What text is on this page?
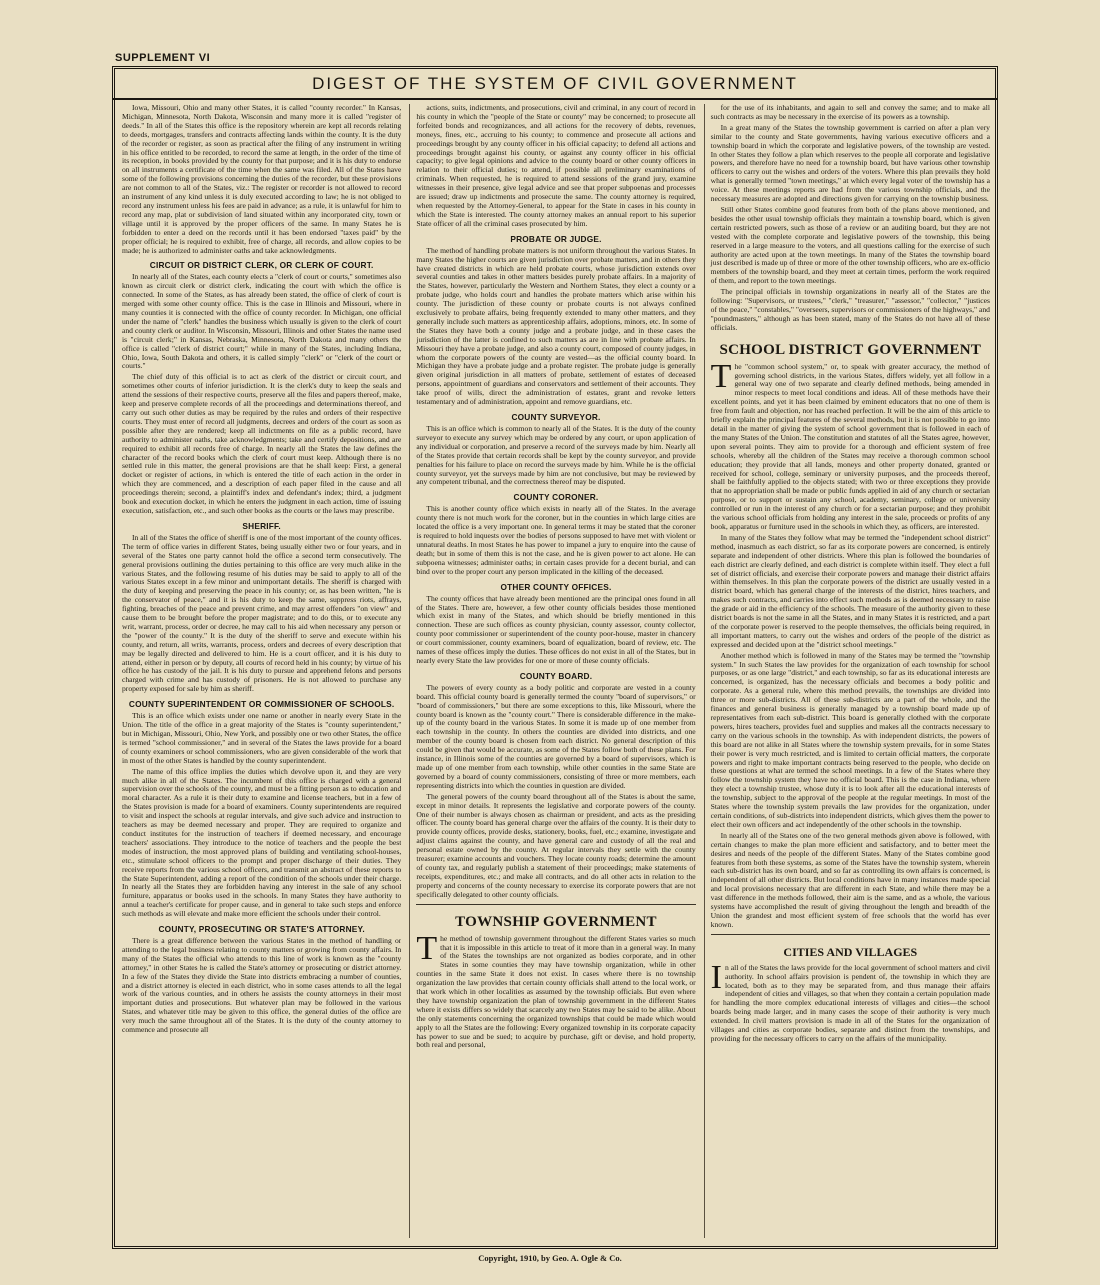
SUPPLEMENT VI
DIGEST OF THE SYSTEM OF CIVIL GOVERNMENT

Iowa, Missouri, Ohio and many other States, it is called "county recorder." In Kansas, Michigan, Minnesota, North Dakota, Wisconsin and many more it is called "register of deeds." In all of the States this office is the repository wherein are kept all records relating to deeds, mortgages, transfers and contracts affecting lands within the county. It is the duty of the recorder or register, as soon as practical after the filing of any instrument in writing in his office entitled to be recorded, to record the same at length, in the order of the time of its reception, in books provided by the county for that purpose; and it is his duty to endorse on all instruments a certificate of the time when the same was filed. All of the States have some of the following provisions concerning the duties of the recorder, but these provisions are not common to all of the States, viz.: The register or recorder is not allowed to record an instrument of any kind unless it is duly executed according to law; he is not obliged to record any instrument unless his fees are paid in advance; as a rule, it is unlawful for him to record any map, plat or subdivision of land situated within any incorporated city, town or village until it is approved by the proper officers of the same. In many States he is forbidden to enter a deed on the records until it has been endorsed "taxes paid" by the proper official; he is required to exhibit, free of charge, all records, and allow copies to be made; he is authorized to administer oaths and take acknowledgments.

CIRCUIT OR DISTRICT CLERK, OR CLERK OF COURT.

In nearly all of the States, each county elects a "clerk of court or courts," sometimes also known as circuit clerk or district clerk, indicating the court with which the office is connected. In some of the States, as has already been stated, the office of clerk of court is merged with some other county office. This is the case in Illinois and Missouri, where in many counties it is connected with the office of county recorder. In Michigan, one official under the name of "clerk" handles the business which usually is given to the clerk of court and county clerk or auditor. In Wisconsin, Missouri, Illinois and other States the name used is "circuit clerk;" in Kansas, Nebraska, Minnesota, North Dakota and many others the office is called "clerk of district court;" while in many of the States, including Indiana, Ohio, Iowa, South Dakota and others, it is called simply "clerk" or "clerk of the court or courts."

The chief duty of this official is to act as clerk of the district or circuit court, and sometimes other courts of inferior jurisdiction. It is the clerk's duty to keep the seals and attend the sessions of their respective courts, preserve all the files and papers thereof, make, keep and preserve complete records of all the proceedings and determinations thereof, and carry out such other duties as may be required by the rules and orders of their respective courts. They must enter of record all judgments, decrees and orders of the court as soon as possible after they are rendered; keep all indictments on file as a public record, have authority to administer oaths, take acknowledgments; take and certify depositions, and are required to exhibit all records free of charge. In nearly all the States the law defines the character of the record books which the clerk of court must keep. Although there is no settled rule in this matter, the general provisions are that he shall keep: First, a general docket or register of actions, in which is entered the title of each action in the order in which they are commenced, and a description of each paper filed in the cause and all proceedings therein; second, a plaintiff's index and defendant's index; third, a judgment book and execution docket, in which he enters the judgment in each action, time of issuing execution, satisfaction, etc., and such other books as the courts or the laws may prescribe.

SHERIFF.

In all of the States the office of sheriff is one of the most important of the county offices. The term of office varies in different States, being usually either two or four years, and in several of the States one party cannot hold the office a second term consecutively. The general provisions outlining the duties pertaining to this office are very much alike in the various States, and the following resume of his duties may be said to apply to all of the various States except in a few minor and unimportant details. The sheriff is charged with the duty of keeping and preserving the peace in his county; or, as has been written, "he is the conservator of peace," and it is his duty to keep the same, suppress riots, affrays, fighting, breaches of the peace and prevent crime, and may arrest offenders "on view" and cause them to be brought before the proper magistrate; and to do this, or to execute any writ, warrant, process, order or decree, he may call to his aid when necessary any person or the "power of the county." It is the duty of the sheriff to serve and execute within his county, and return, all writs, warrants, process, orders and decrees of every description that may be legally directed and delivered to him. He is a court officer, and it is his duty to attend, either in person or by deputy, all courts of record held in his county; by virtue of his office he has custody of the jail. It is his duty to pursue and apprehend felons and persons charged with crime and has custody of prisoners. He is not allowed to purchase any property exposed for sale by him as sheriff.

COUNTY SUPERINTENDENT OR COMMISSIONER OF SCHOOLS.

This is an office which exists under one name or another in nearly every State in the Union. The title of the office in a great majority of the States is "county superintendent," but in Michigan, Missouri, Ohio, New York, and possibly one or two other States, the office is termed "school commissioner," and in several of the States the laws provide for a board of county examiners or school commissioners, who are given considerable of the work that in most of the other States is handled by the county superintendent.

The name of this office implies the duties which devolve upon it, and they are very much alike in all of the States. The incumbent of this office is charged with a general supervision over the schools of the county, and must be a fitting person as to education and moral character. As a rule it is their duty to examine and license teachers, but in a few of the States provision is made for a board of examiners. County superintendents are required to visit and inspect the schools at regular intervals, and give such advice and instruction to teachers as may be deemed necessary and proper. They are required to organize and conduct institutes for the instruction of teachers if deemed necessary, and encourage teachers' associations. They introduce to the notice of teachers and the people the best modes of instruction, the most approved plans of building and ventilating school-houses, etc., stimulate school officers to the prompt and proper discharge of their duties. They receive reports from the various school officers, and transmit an abstract of these reports to the State Superintendent, adding a report of the condition of the schools under their charge. In nearly all the States they are forbidden having any interest in the sale of any school furniture, apparatus or books used in the schools. In many States they have authority to annul a teacher's certificate for proper cause, and in general to take such steps and enforce such methods as will elevate and make more efficient the schools under their control.

COUNTY, PROSECUTING OR STATE'S ATTORNEY.

There is a great difference between the various States in the method of handling or attending to the legal business relating to county matters or growing from county affairs. In many of the States the official who attends to this line of work is known as the "county attorney," in other States he is called the State's attorney or prosecuting or district attorney. In a few of the States they divide the State into districts embracing a number of counties, and a district attorney is elected in each district, who in some cases attends to all the legal work of the various counties, and in others he assists the county attorneys in their most important duties and prosecutions. But whatever plan may be followed in the various States, and whatever title may be given to this office, the general duties of the office are very much the same throughout all of the States. It is the duty of the county attorney to commence and prosecute all

actions, suits, indictments, and prosecutions, civil and criminal, in any court of record in his county in which the "people of the State or county" may be concerned; to prosecute all forfeited bonds and recognizances, and all actions for the recovery of debts, revenues, moneys, fines, etc., accruing to his county; to commence and prosecute all actions and proceedings brought by any county officer in his official capacity; to defend all actions and proceedings brought against his county, or against any county officer in his official capacity; to give legal opinions and advice to the county board or other county officers in relation to their official duties; to attend, if possible all preliminary examinations of criminals. When requested, he is required to attend sessions of the grand jury, examine witnesses in their presence, give legal advice and see that proper subpoenas and processes are issued; draw up indictments and prosecute the same. The county attorney is required, when requested by the Attorney-General, to appear for the State in cases in his county in which the State is interested. The county attorney makes an annual report to his superior State officer of all the criminal cases prosecuted by him.

PROBATE OR JUDGE.

The method of handling probate matters is not uniform throughout the various States. In many States the higher courts are given jurisdiction over probate matters, and in others they have created districts in which are held probate courts, whose jurisdiction extends over several counties and takes in other matters besides purely probate affairs. In a majority of the States, however, particularly the Western and Northern States, they elect a county or a probate judge, who holds court and handles the probate matters which arise within his county. The jurisdiction of these county or probate courts is not always confined exclusively to probate affairs, being frequently extended to many other matters, and they generally include such matters as apprenticeship affairs, adoptions, minors, etc. In some of the States they have both a county judge and a probate judge, and in these cases the jurisdiction of the latter is confined to such matters as are in line with probate affairs. In Missouri they have a probate judge, and also a county court, composed of county judges, in whom the corporate powers of the county are vested—as the official county board. In Michigan they have a probate judge and a probate register. The probate judge is generally given original jurisdiction in all matters of probate, settlement of estates of deceased persons, appointment of guardians and conservators and settlement of their accounts. They take proof of wills, direct the administration of estates, grant and revoke letters testamentary and of administration, appoint and remove guardians, etc.

COUNTY SURVEYOR.

This is an office which is common to nearly all of the States. It is the duty of the county surveyor to execute any survey which may be ordered by any court, or upon application of any individual or corporation, and preserve a record of the surveys made by him. Nearly all of the States provide that certain records shall be kept by the county surveyor, and provide penalties for his failure to place on record the surveys made by him. While he is the official county surveyor, yet the surveys made by him are not conclusive, but may be reviewed by any competent tribunal, and the correctness thereof may be disputed.

COUNTY CORONER.

This is another county office which exists in nearly all of the States. In the average county there is not much work for the coroner, but in the counties in which large cities are located the office is a very important one. In general terms it may be stated that the coroner is required to hold inquests over the bodies of persons supposed to have met with violent or unnatural deaths. In most States he has power to impanel a jury to enquire into the cause of death; but in some of them this is not the case, and he is given power to act alone. He can subpoena witnesses; administer oaths; in certain cases provide for a decent burial, and can bind over to the proper court any person implicated in the killing of the deceased.

OTHER COUNTY OFFICES.

The county offices that have already been mentioned are the principal ones found in all of the States. There are, however, a few other county officials besides those mentioned which exist in many of the States, and which should be briefly mentioned in this connection. These are such offices as county physician, county assessor, county collector, county poor commissioner or superintendent of the county poor-house, master in chancery or court commissioner, county examiners, board of equalization, board of review, etc. The names of these offices imply the duties. These offices do not exist in all of the States, but in nearly every State the law provides for one or more of these county officials.

COUNTY BOARD.

The powers of every county as a body politic and corporate are vested in a county board. This official county board is generally termed the county "board of supervisors," or "board of commissioners," but there are some exceptions to this, like Missouri, where the county board is known as the "county court." There is considerable difference in the make-up of the county board in the various States. In some it is made up of one member from each township in the county. In others the counties are divided into districts, and one member of the county board is chosen from each district. No general description of this could be given that would be accurate, as some of the States follow both of these plans. For instance, in Illinois some of the counties are governed by a board of supervisors, which is made up of one member from each township, while other counties in the same State are governed by a board of county commissioners, consisting of three or more members, each representing districts into which the counties in question are divided.

The general powers of the county board throughout all of the States is about the same, except in minor details. It represents the legislative and corporate powers of the county. One of their number is always chosen as chairman or president, and acts as the presiding officer. The county board has general charge over the affairs of the county. It is their duty to provide county offices, provide desks, stationery, books, fuel, etc.; examine, investigate and adjust claims against the county, and have general care and custody of all the real and personal estate owned by the county. At regular intervals they settle with the county treasurer; examine accounts and vouchers. They locate county roads; determine the amount of county tax, and regularly publish a statement of their proceedings; make statements of receipts, expenditures, etc.; and make all contracts, and do all other acts in relation to the property and concerns of the county necessary to exercise its corporate powers that are not specifically delegated to other county officials.

TOWNSHIP GOVERNMENT

The method of township government throughout the different States varies so much that it is impossible in this article to treat of it more than in a general way. In many of the States the townships are not organized as bodies corporate, and in other States in some counties they may have township organization, while in other counties in the same State it does not exist. In cases where there is no township organization the law provides that certain county officials shall attend to the local work, or that work which in other localities as assumed by the township officials. But even where they have township organization the plan of township government in the different States where it exists differs so widely that scarcely any two States may be said to be alike. About the only statements concerning the organized townships that could be made which would apply to all the States are the following: Every organized township in its corporate capacity has power to sue and be sued; to acquire by purchase, gift or devise, and hold property, both real and personal,

for the use of its inhabitants, and again to sell and convey the same; and to make all such contracts as may be necessary in the exercise of its powers as a township.

In a great many of the States the township government is carried on after a plan very similar to the county and State governments, having various executive officers and a township board in which the corporate and legislative powers, of the township are vested. In other States they follow a plan which reserves to the people all corporate and legislative powers, and therefore have no need for a township board, but have various other township officers to carry out the wishes and orders of the voters. Where this plan prevails they hold what is generally termed "town meetings," at which every legal voter of the township has a voice. At these meetings reports are had from the various township officials, and the necessary measures are adopted and directions given for carrying on the township business.

Still other States combine good features from both of the plans above mentioned, and besides the other usual township officials they maintain a township board, which is given certain restricted powers, such as those of a review or an auditing board, but they are not vested with the complete corporate and legislative powers of the township, this being reserved in a large measure to the voters, and all questions calling for the exercise of such authority are acted upon at the town meetings. In many of the States the township board just described is made up of three or more of the other township officers, who are ex-officio members of the township board, and they meet at certain times, perform the work required of them, and report to the town meetings.

The principal officials in township organizations in nearly all of the States are the following: "Supervisors, or trustees," "clerk," "treasurer," "assessor," "collector," "justices of the peace," "constables," "overseers, supervisors or commissioners of the highways," and "poundmasters," although as has been stated, many of the States do not have all of these officials.

SCHOOL DISTRICT GOVERNMENT

The "common school system," or, to speak with greater accuracy, the method of governing school districts, in the various States, differs widely, yet all follow in a general way one of two separate and clearly defined methods, being amended in minor respects to meet local conditions and ideas. All of these methods have their excellent points, and yet it has been claimed by eminent educators that no one of them is free from fault and objection, nor has reached perfection. It will be the aim of this article to briefly explain the principal features of the several methods, but it is not possible to go into detail in the matter of giving the system of school government that is followed in each of the many States of the Union. The constitution and statutes of all the States agree, however, upon several points. They aim to provide for a thorough and efficient system of free schools, whereby all the children of the States may receive a thorough common school education; they provide that all lands, moneys and other property donated, granted or received for school, college, seminary or university purposes, and the proceeds thereof, shall be faithfully applied to the objects stated; with two or three exceptions they provide that no appropriation shall be made or public funds applied in aid of any church or sectarian purpose, or to support or sustain any school, academy, seminary, college or university controlled or run in the interest of any church or for a sectarian purpose; and they prohibit the various school officials from holding any interest in the sale, proceeds or profits of any book, apparatus or furniture used in the schools in which they, as officers, are interested.

In many of the States they follow what may be termed the "independent school district" method, inasmuch as each district, so far as its corporate powers are concerned, is entirely separate and independent of other districts. Where this plan is followed the boundaries of each district are clearly defined, and each district is complete within itself. They elect a full set of district officials, and exercise their corporate powers and manage their district affairs within themselves. In this plan the corporate powers of the district are usually vested in a district board, which has general charge of the interests of the district, hires teachers, and makes such contracts, and carries into effect such methods as is deemed necessary to raise the grade or aid in the efficiency of the schools. The measure of the authority given to these district boards is not the same in all the States, and in many States it is restricted, and a part of the corporate power is reserved to the people themselves, the officials being required, in all important matters, to carry out the wishes and orders of the people of the district as expressed and decided upon at the "district school meetings."

Another method which is followed in many of the States may be termed the "township system." In such States the law provides for the organization of each township for school purposes, or as one large "district," and each township, so far as its educational interests are concerned, is organized, has the necessary officials and becomes a body politic and corporate. As a general rule, where this method prevails, the townships are divided into three or more sub-districts. All of these sub-districts are a part of the whole, and the finances and general business is generally managed by a township board made up of representatives from each sub-district. This board is generally clothed with the corporate powers, hires teachers, provides fuel and supplies and makes all the contracts necessary to carry on the various schools in the township. As with independent districts, the powers of this board are not alike in all States where the township system prevails, for in some States their power is very much restricted, and is limited to certain official matters, the corporate powers and right to make important contracts being reserved to the people, who decide on these questions at what are termed the school meetings. In a few of the States where they follow the township system they have no official board. This is the case in Indiana, where they elect a township trustee, whose duty it is to look after all the educational interests of the township, subject to the approval of the people at the regular meetings. In most of the States where the township system prevails the law provides for the organization, under certain conditions, of sub-districts into independent districts, which gives them the power to elect their own officers and act independently of the other schools in the township.

In nearly all of the States one of the two general methods given above is followed, with certain changes to make the plan more efficient and satisfactory, and to better meet the desires and needs of the people of the different States. Many of the States combine good features from both these systems, as some of the States have the township system, wherein each sub-district has its own board, and so far as controlling its own affairs is concerned, is independent of all other districts. But local conditions have in many instances made special and local provisions necessary that are different in each State, and while there may be a vast difference in the methods followed, their aim is the same, and as a whole, the various systems have accomplished the result of giving throughout the length and breadth of the Union the grandest and most efficient system of free schools that the world has ever known.

CITIES AND VILLAGES

In all of the States the laws provide for the local government of school matters and civil authority. In school affairs provision is pendent of, the township in which they are located, both as to they may be separated from, and thus manage their affairs independent of cities and villages, so that when they contain a certain population made for handling the more complex educational interests of villages and cities—the school boards being made larger, and in many cases the scope of their authority is very much extended. In civil matters provision is made in all of the States for the organization of villages and cities as corporate bodies, separate and distinct from the townships, and providing for the necessary officers to carry on the affairs of the municipality.

Copyright, 1910, by Geo. A. Ogle & Co.
